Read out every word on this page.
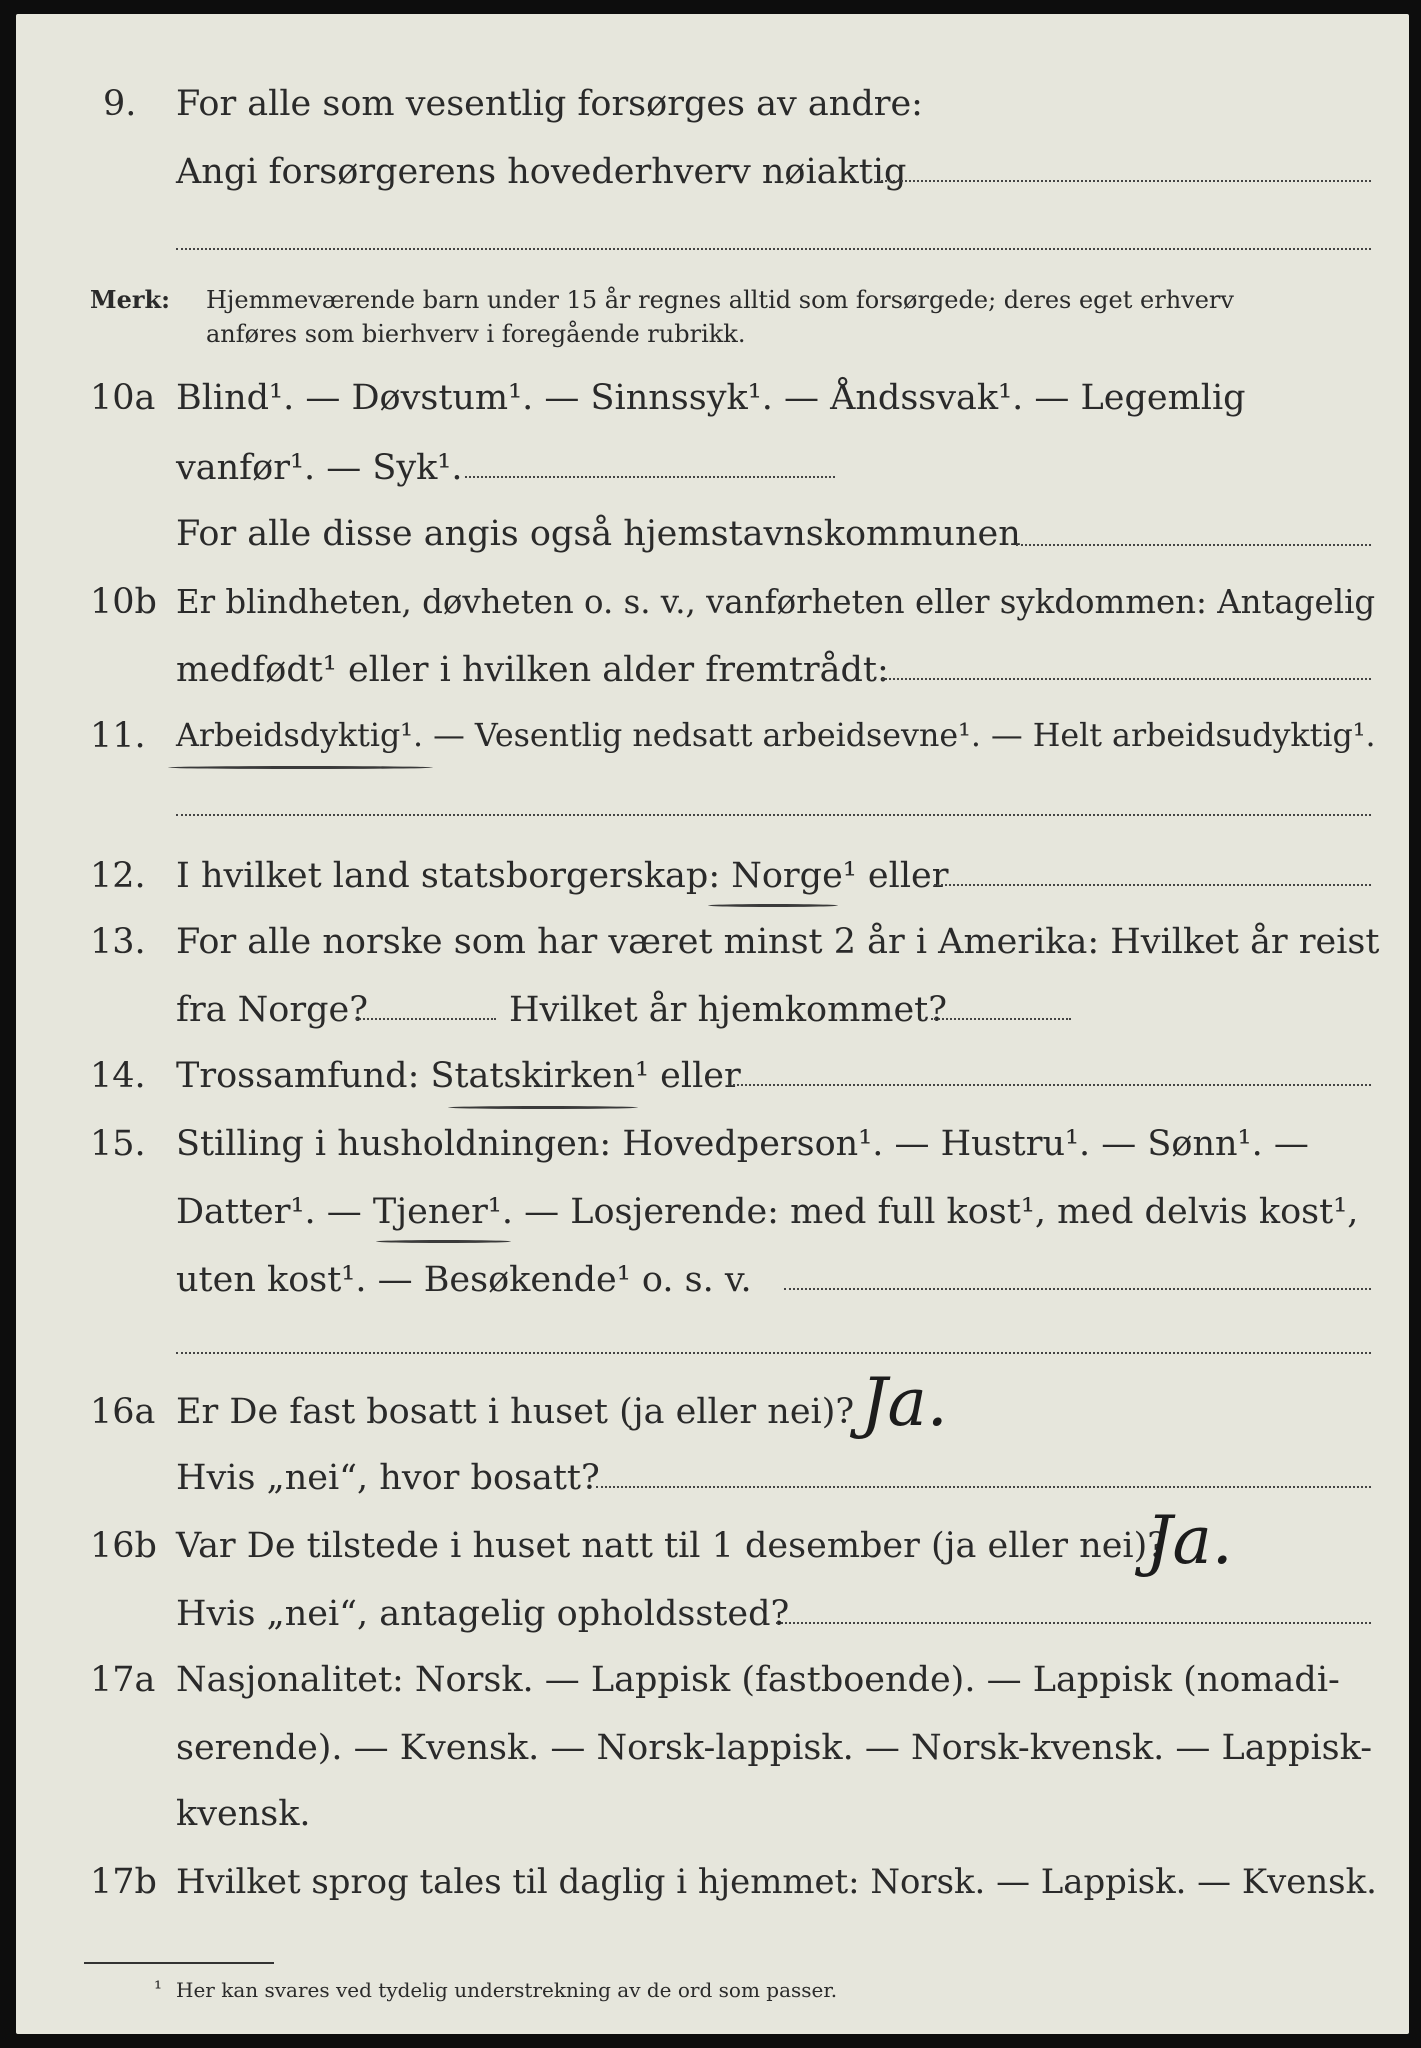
9. For alle som vesentlig forsørges av andre:
Angi forsørgerens hovederhverv nøiaktig
Merk: Hjemmeværende barn under 15 år regnes alltid som forsørgede; deres eget erhverv
anføres som bierhverv i foregående rubrikk.
10a Blind¹. — Døvstum¹. — Sinnssyk¹. — Åndssvak¹. — Legemlig
vanfør¹. — Syk¹.
For alle disse angis også hjemstavnskommunen
10b Er blindheten, døvheten o. s. v., vanførheten eller sykdommen: Antagelig
medfødt¹ eller i hvilken alder fremtrådt:
11. Arbeidsdyktig¹. — Vesentlig nedsatt arbeidsevne¹. — Helt arbeidsudyktig¹.
12. I hvilket land statsborgerskap: Norge¹ eller
13. For alle norske som har været minst 2 år i Amerika: Hvilket år reist
fra Norge?	Hvilket år hjemkommet?
14. Trossamfund: Statskirken¹ eller
15. Stilling i husholdningen: Hovedperson¹. — Hustru¹. — Sønn¹. —
Datter¹. — Tjener¹. — Losjerende: med full kost¹, med delvis kost¹,
uten kost¹. — Besøkende¹ o. s. v.
16a Er De fast bosatt i huset (ja eller nei)? Ja.
Hvis „nei“, hvor bosatt?
16b Var De tilstede i huset natt til 1 desember (ja eller nei)?
Ja.
Hvis „nei“, antagelig opholdssted?
17a Nasjonalitet: Norsk. — Lappisk (fastboende). — Lappisk (nomadi-
serende). — Kvensk. — Norsk-lappisk. — Norsk-kvensk. — Lappisk-
kvensk.
17b Hvilket sprog tales til daglig i hjemmet: Norsk. — Lappisk. — Kvensk.
¹ Her kan svares ved tydelig understrekning av de ord som passer.
